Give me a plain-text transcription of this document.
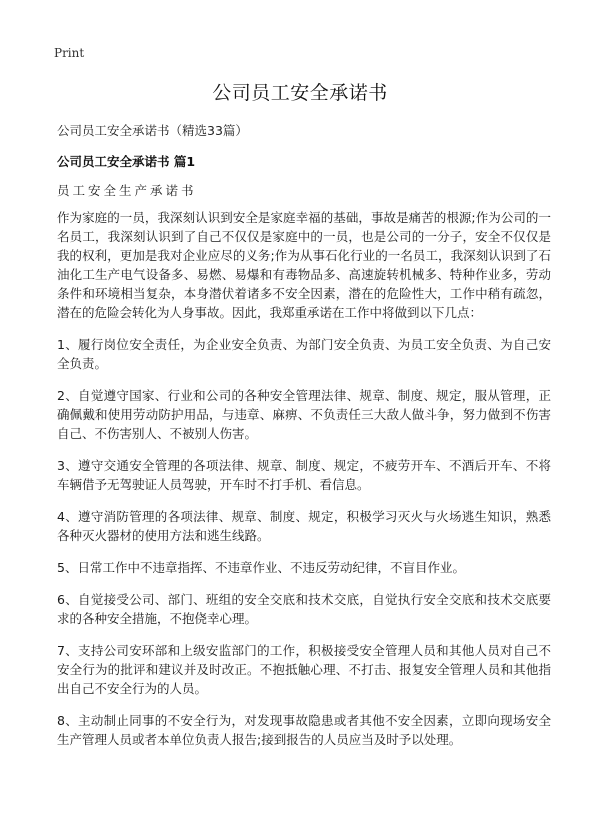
Print
公司员工安全承诺书
公司员工安全承诺书（精选33篇）
公司员工安全承诺书 篇1
员工安全生产承诺书

作为家庭的一员，我深刻认识到安全是家庭幸福的基础，事故是痛苦的根源;作为公司的一名员工，我深刻认识到了自己不仅仅是家庭中的一员，也是公司的一分子，安全不仅仅是我的权利，更加是我对企业应尽的义务;作为从事石化行业的一名员工，我深刻认识到了石油化工生产电气设备多、易燃、易爆和有毒物品多、高速旋转机械多、特种作业多，劳动条件和环境相当复杂，本身潜伏着诸多不安全因素，潜在的危险性大，工作中稍有疏忽，潜在的危险会转化为人身事故。因此，我郑重承诺在工作中将做到以下几点：

1、履行岗位安全责任，为企业安全负责、为部门安全负责、为员工安全负责、为自己安全负责。

2、自觉遵守国家、行业和公司的各种安全管理法律、规章、制度、规定，服从管理，正确佩戴和使用劳动防护用品，与违章、麻痹、不负责任三大敌人做斗争，努力做到不伤害自己、不伤害别人、不被别人伤害。

3、遵守交通安全管理的各项法律、规章、制度、规定，不疲劳开车、不酒后开车、不将车辆借予无驾驶证人员驾驶，开车时不打手机、看信息。

4、遵守消防管理的各项法律、规章、制度、规定，积极学习灭火与火场逃生知识，熟悉各种灭火器材的使用方法和逃生线路。

5、日常工作中不违章指挥、不违章作业、不违反劳动纪律，不盲目作业。

6、自觉接受公司、部门、班组的安全交底和技术交底，自觉执行安全交底和技术交底要求的各种安全措施，不抱侥幸心理。

7、支持公司安环部和上级安监部门的工作，积极接受安全管理人员和其他人员对自己不安全行为的批评和建议并及时改正。不抱抵触心理、不打击、报复安全管理人员和其他指出自己不安全行为的人员。

8、主动制止同事的不安全行为，对发现事故隐患或者其他不安全因素，立即向现场安全生产管理人员或者本单位负责人报告;接到报告的人员应当及时予以处理。
